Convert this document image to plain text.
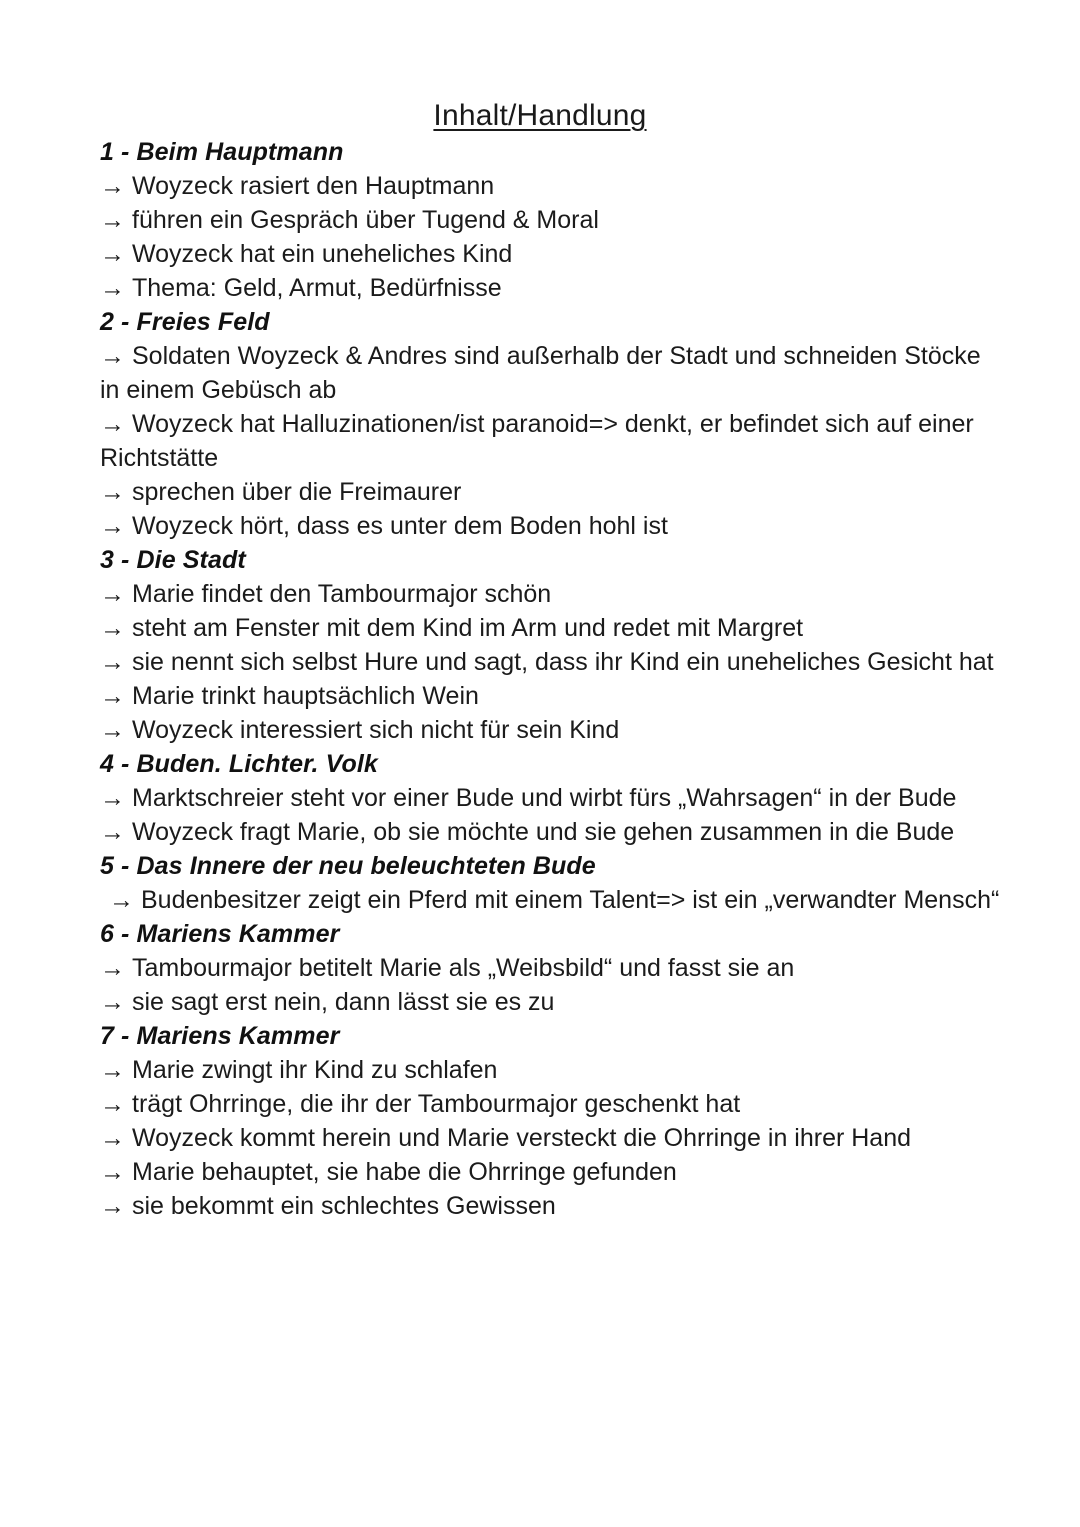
Inhalt/Handlung
1 - Beim Hauptmann

→ Woyzeck rasiert den Hauptmann

→ führen ein Gespräch über Tugend & Moral

→ Woyzeck hat ein uneheliches Kind

→ Thema: Geld, Armut, Bedürfnisse

2 - Freies Feld

→ Soldaten Woyzeck & Andres sind außerhalb der Stadt und schneiden Stöcke in einem Gebüsch ab

→ Woyzeck hat Halluzinationen/ist paranoid=> denkt, er befindet sich auf einer Richtstätte

→ sprechen über die Freimaurer

→ Woyzeck hört, dass es unter dem Boden hohl ist

3 - Die Stadt

→ Marie findet den Tambourmajor schön

→ steht am Fenster mit dem Kind im Arm und redet mit Margret

→ sie nennt sich selbst Hure und sagt, dass ihr Kind ein uneheliches Gesicht hat

→ Marie trinkt hauptsächlich Wein

→ Woyzeck interessiert sich nicht für sein Kind

4 - Buden. Lichter. Volk

→ Marktschreier steht vor einer Bude und wirbt fürs „Wahrsagen“ in der Bude

→ Woyzeck fragt Marie, ob sie möchte und sie gehen zusammen in die Bude

5 - Das Innere der neu beleuchteten Bude

→ Budenbesitzer zeigt ein Pferd mit einem Talent=> ist ein „verwandter Mensch“

6 - Mariens Kammer

→ Tambourmajor betitelt Marie als „Weibsbild“ und fasst sie an

→ sie sagt erst nein, dann lässt sie es zu

7 - Mariens Kammer

→ Marie zwingt ihr Kind zu schlafen

→ trägt Ohrringe, die ihr der Tambourmajor geschenkt hat

→ Woyzeck kommt herein und Marie versteckt die Ohrringe in ihrer Hand

→ Marie behauptet, sie habe die Ohrringe gefunden

→ sie bekommt ein schlechtes Gewissen
